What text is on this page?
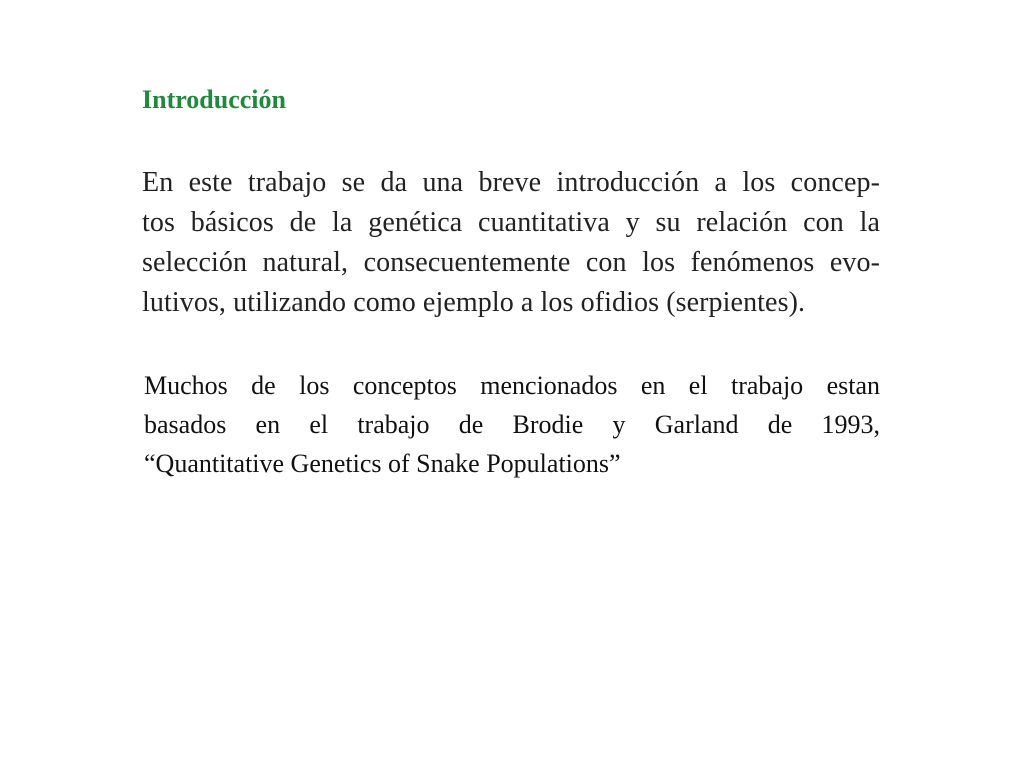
Introducción

En este trabajo se da una breve introducción a los concep-
tos básicos de la genética cuantitativa y su relación con la
selección natural, consecuentemente con los fenómenos evo-
lutivos, utilizando como ejemplo a los ofidios (serpientes).

Muchos de los conceptos mencionados en el trabajo estan
basados en el trabajo de Brodie y Garland de 1993,
“Quantitative Genetics of Snake Populations”
